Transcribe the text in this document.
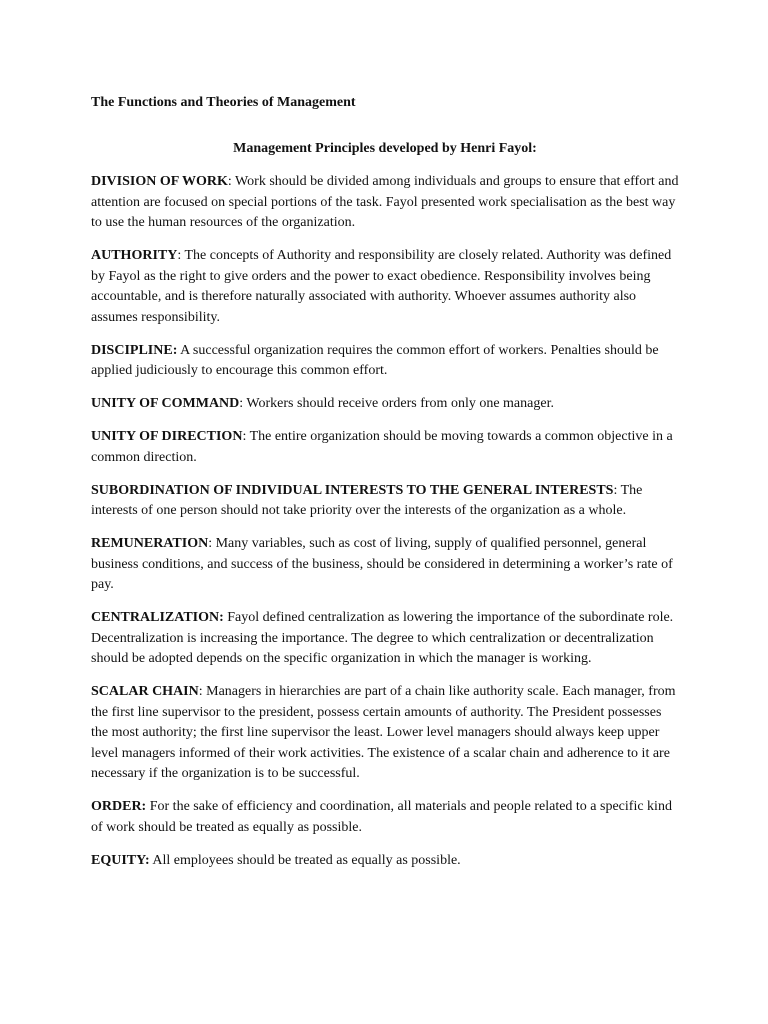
The Functions and Theories of Management

Management Principles developed by Henri Fayol:

DIVISION OF WORK: Work should be divided among individuals and groups to ensure that effort and attention are focused on special portions of the task. Fayol presented work specialisation as the best way to use the human resources of the organization.

AUTHORITY: The concepts of Authority and responsibility are closely related. Authority was defined by Fayol as the right to give orders and the power to exact obedience. Responsibility involves being accountable, and is therefore naturally associated with authority. Whoever assumes authority also assumes responsibility.

DISCIPLINE: A successful organization requires the common effort of workers. Penalties should be applied judiciously to encourage this common effort.

UNITY OF COMMAND: Workers should receive orders from only one manager.

UNITY OF DIRECTION: The entire organization should be moving towards a common objective in a common direction.

SUBORDINATION OF INDIVIDUAL INTERESTS TO THE GENERAL INTERESTS: The interests of one person should not take priority over the interests of the organization as a whole.

REMUNERATION: Many variables, such as cost of living, supply of qualified personnel, general business conditions, and success of the business, should be considered in determining a worker’s rate of pay.

CENTRALIZATION: Fayol defined centralization as lowering the importance of the subordinate role. Decentralization is increasing the importance. The degree to which centralization or decentralization should be adopted depends on the specific organization in which the manager is working.

SCALAR CHAIN: Managers in hierarchies are part of a chain like authority scale. Each manager, from the first line supervisor to the president, possess certain amounts of authority. The President possesses the most authority; the first line supervisor the least. Lower level managers should always keep upper level managers informed of their work activities. The existence of a scalar chain and adherence to it are necessary if the organization is to be successful.

ORDER: For the sake of efficiency and coordination, all materials and people related to a specific kind of work should be treated as equally as possible.

EQUITY: All employees should be treated as equally as possible.
